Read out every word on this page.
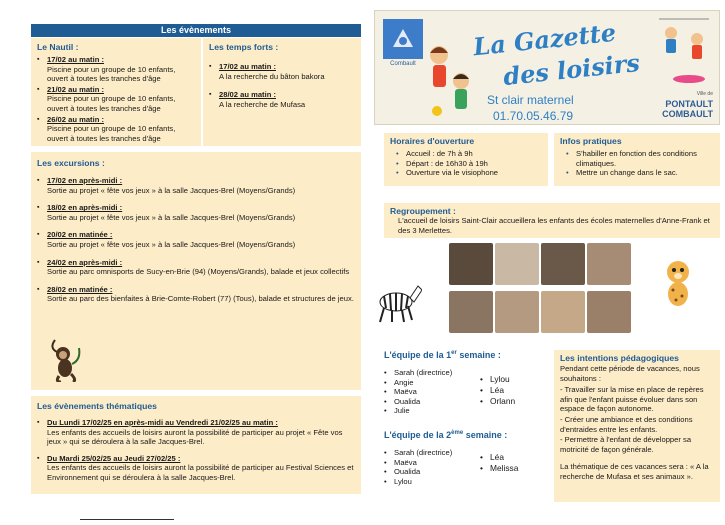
Les évènements
Le Nautil :
▪ 17/02 au matin :
Piscine pour un groupe de 10 enfants, ouvert à toutes les tranches d'âge
▪ 21/02 au matin :
Piscine pour un groupe de 10 enfants, ouvert à toutes les tranches d'âge
▪ 26/02 au matin :
Piscine pour un groupe de 10 enfants, ouvert à toutes les tranches d'âge
Les temps forts :
▪ 17/02 au matin :
A la recherche du bâton bakora
▪ 28/02 au matin :
A la recherche de Mufasa
Les excursions :
▪ 17/02 en après-midi :
Sortie au projet « fête vos jeux » à la salle Jacques-Brel (Moyens/Grands)
▪ 18/02 en après-midi :
Sortie au projet « fête vos jeux » à la salle Jacques-Brel (Moyens/Grands)
▪ 20/02 en matinée :
Sortie au projet « fête vos jeux » à la salle Jacques-Brel (Moyens/Grands)
▪ 24/02 en après-midi :
Sortie au parc omnisports de Sucy-en-Brie (94) (Moyens/Grands), balade et jeux collectifs
▪ 28/02 en matinée :
Sortie au parc des bienfaites à Brie-Comte-Robert (77) (Tous), balade et structures de jeux.
Les évènements thématiques
▪ Du Lundi 17/02/25 en après-midi au Vendredi 21/02/25 au matin :
Les enfants des accueils de loisirs auront la possibilité de participer au projet « Fête vos jeux » qui se déroulera à la salle Jacques-Brel.
▪ Du Mardi 25/02/25 au Jeudi 27/02/25 :
Les enfants des accueils de loisirs auront la possibilité de participer au Festival Sciences et Environnement qui se déroulera à la salle Jacques-Brel.
Combault
La Gazette
des loisirs
St clair maternel
01.70.05.46.79
Ville de
PONTAULT
COMBAULT
Horaires d'ouverture
• Accueil : de 7h à 9h
• Départ : de 16h30 à 19h
• Ouverture via le visiophone
Infos pratiques
• S'habiller en fonction des conditions climatiques.
• Mettre un change dans le sac.
Regroupement :
L'accueil de loisirs Saint-Clair accueillera les enfants des écoles maternelles d'Anne-Frank et des 3 Merlettes.
L'équipe de la 1er semaine :
• Sarah (directrice)
• Angie
• Maëva
• Oualida
• Julie
• Lylou
• Léa
• Orlann
L'équipe de la 2ème semaine :
• Sarah (directrice)
• Maëva
• Oualida
• Lylou
• Léa
• Melissa
Les intentions pédagogiques
Pendant cette période de vacances, nous souhaitons :
- Travailler sur la mise en place de repères afin que l'enfant puisse évoluer dans son espace de façon autonome.
- Créer une ambiance et des conditions d'entraides entre les enfants.
- Permettre à l'enfant de développer sa motricité de façon générale.
La thématique de ces vacances sera : « A la recherche de Mufasa et ses animaux ».
